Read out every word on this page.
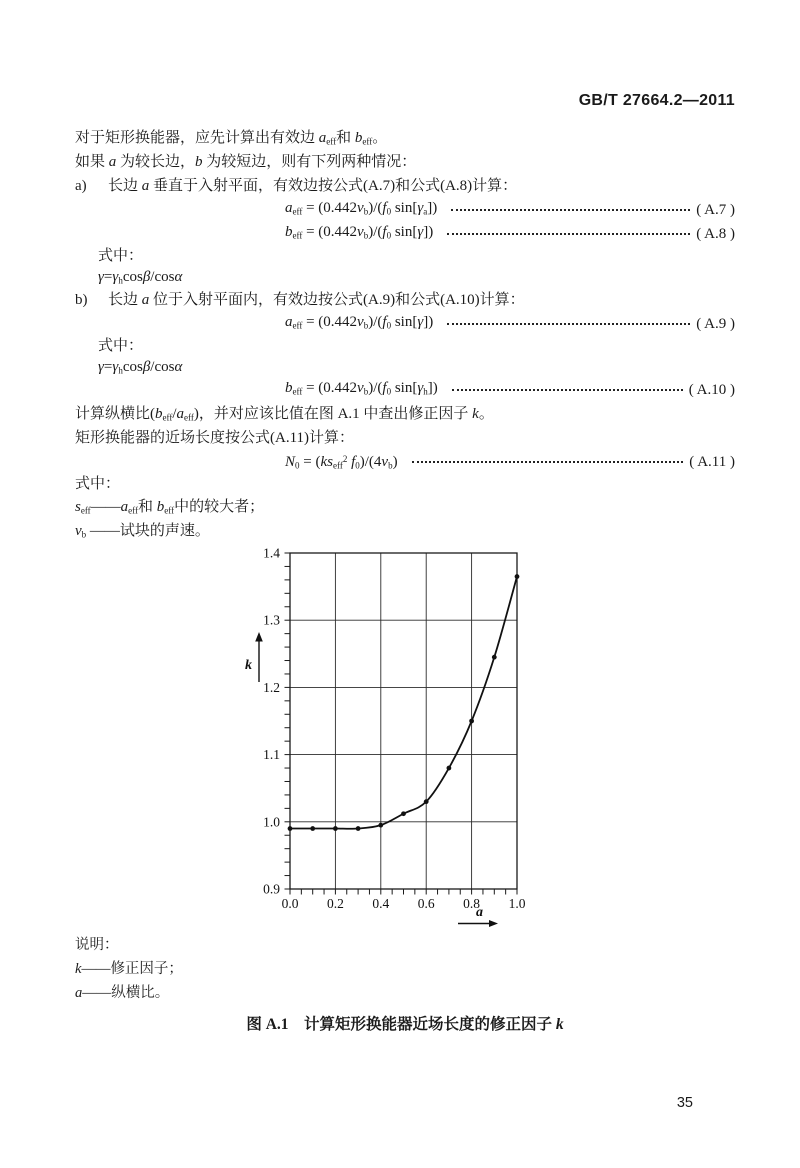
GB/T 27664.2—2011

对于矩形换能器，应先计算出有效边 $a_{eff}$和 $b_{eff}$。

如果 a 为较长边，b 为较短边，则有下列两种情况：

a) 长边 a 垂直于入射平面，有效边按公式(A.7)和公式(A.8)计算：

$a_{eff} = (0.442v_b)/(f_0$ $\sin[\gamma_a]$)	( A.7 )
$b_{eff} = (0.442v_b)/(f_0$ sin[γ])	( A.8 )

式中：

$\gamma=\gamma_h\cos\beta$/cosα

b) 长边 a 位于入射平面内，有效边按公式(A.9)和公式(A.10)计算：

$a_{eff} = (0.442v_b)/(f_0$ sin[γ])	( A.9 )

式中：

$\gamma=\gamma_h\cos\beta$/cosα

$b_{eff} = (0.442v_b)/(f_0$ $\sin[\gamma_h]$)	( A.10 )

计算纵横比$(b_{eff}/a_{eff})$，并对应该比值在图 A.1 中查出修正因子 k。

矩形换能器的近场长度按公式(A.11)计算：

$N_0 = (ks_{eff}^2$ $f_0)/(4v_b)$	( A.11 )

式中：

$s_{eff}——a_{eff}$和 $b_{eff}$中的较大者；

$v_b$ ——试块的声速。

0.0 0.2 0.4 0.6 0.8 1.0
0.9
1.0
1.1
1.2
1.3
1.4
k
a

说明：

k——修正因子；

a——纵横比。

图 A.1　计算矩形换能器近场长度的修正因子 k

35
